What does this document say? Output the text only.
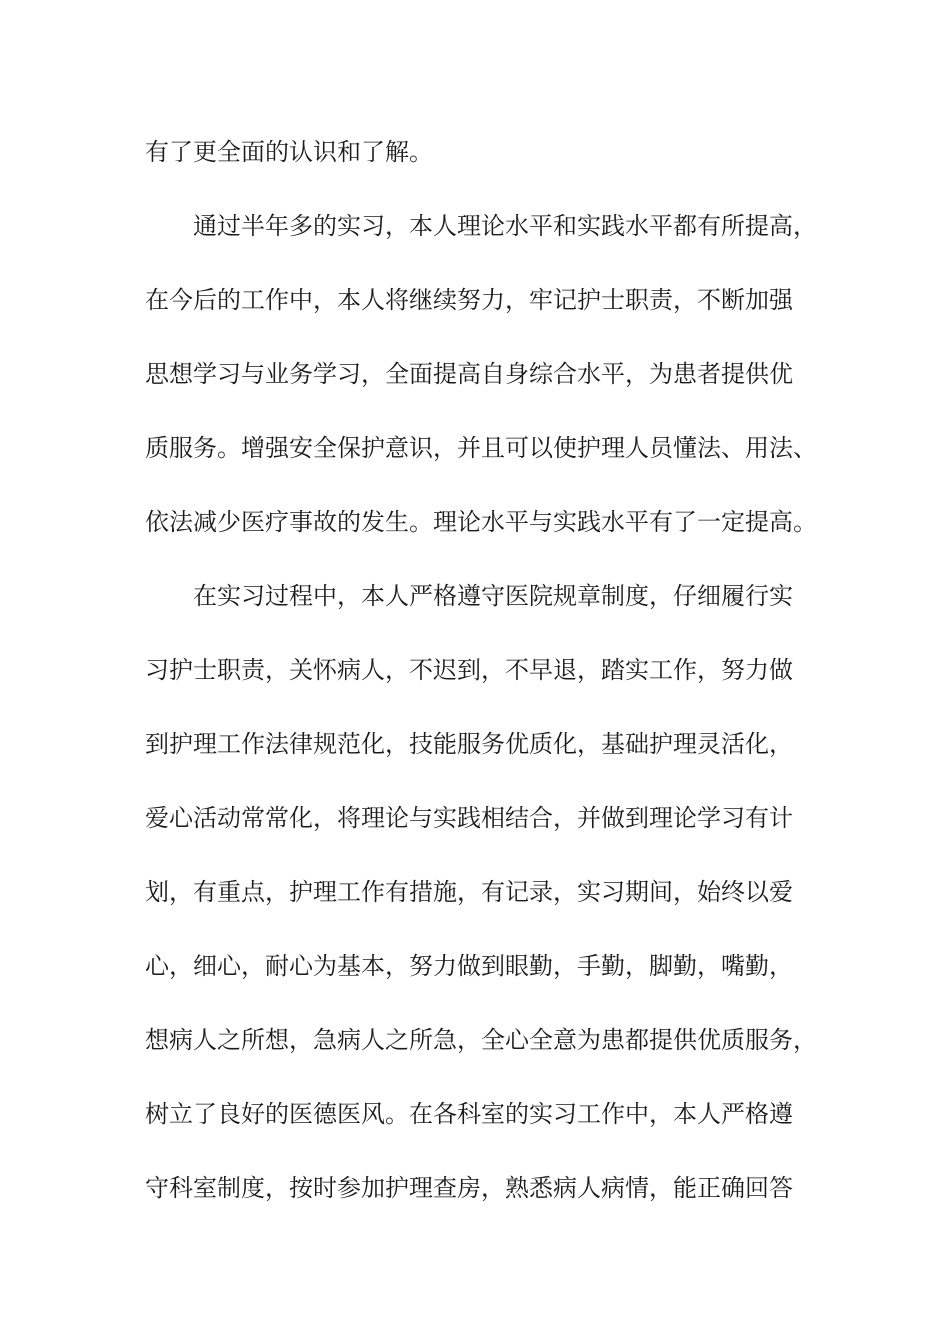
有了更全面的认识和了解。
通过半年多的实习，本人理论水平和实践水平都有所提高，
在今后的工作中，本人将继续努力，牢记护士职责，不断加强
思想学习与业务学习，全面提高自身综合水平，为患者提供优
质服务。增强安全保护意识，并且可以使护理人员懂法、用法、
依法减少医疗事故的发生。理论水平与实践水平有了一定提高。
在实习过程中，本人严格遵守医院规章制度，仔细履行实
习护士职责，关怀病人，不迟到，不早退，踏实工作，努力做
到护理工作法律规范化，技能服务优质化，基础护理灵活化，
爱心活动常常化，将理论与实践相结合，并做到理论学习有计
划，有重点，护理工作有措施，有记录，实习期间，始终以爱
心，细心，耐心为基本，努力做到眼勤，手勤，脚勤，嘴勤，
想病人之所想，急病人之所急，全心全意为患都提供优质服务，
树立了良好的医德医风。在各科室的实习工作中，本人严格遵
守科室制度，按时参加护理查房，熟悉病人病情，能正确回答
